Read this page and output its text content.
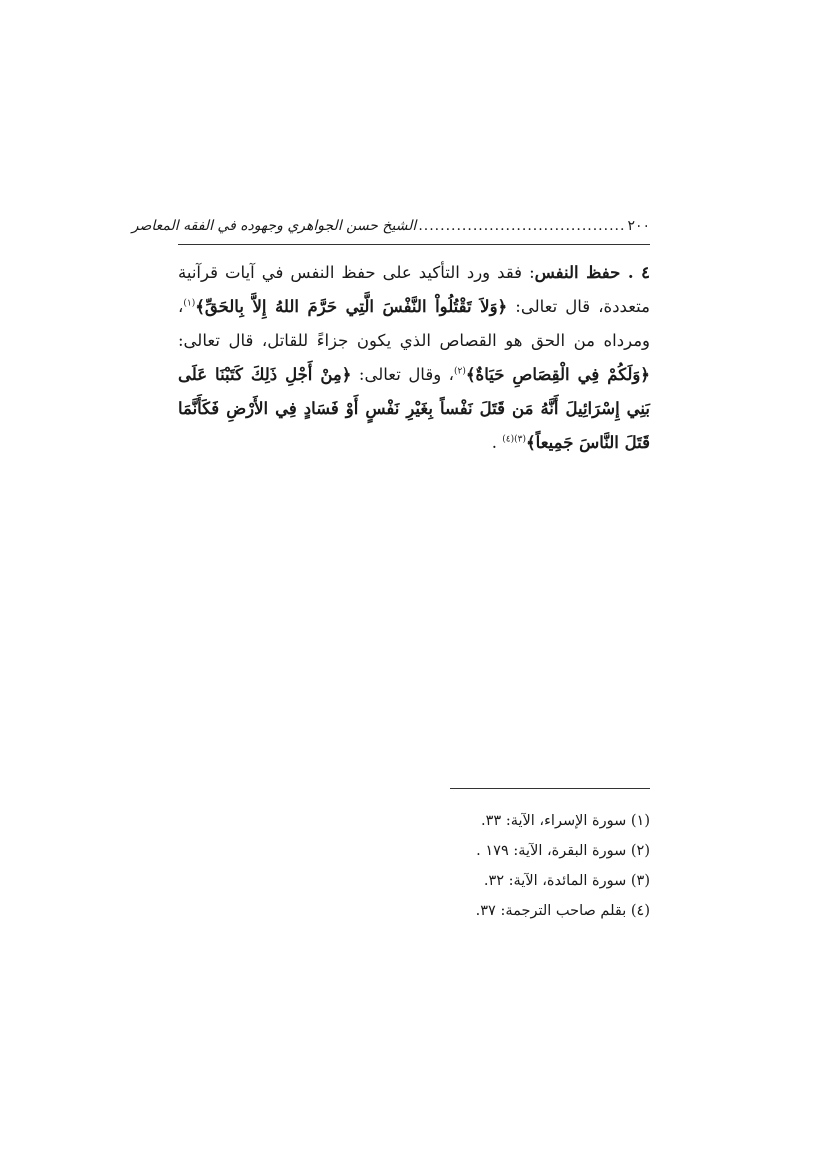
٢٠٠
......................................
الشيخ حسن الجواهري وجهوده في الفقه المعاصر
٤ . حفظ النفس: فقد ورد التأكيد على حفظ النفس في آيات قرآنية متعددة، قال تعالى: ﴿وَلاَ تَقْتُلُواْ النَّفْسَ الَّتِي حَرَّمَ اللهُ إِلاَّ بِالحَقِّ﴾$^{(١)}$، ومرداه من الحق هو القصاص الذي يكون جزاءً للقاتل، قال تعالى: ﴿وَلَكُمْ فِي الْقِصَاصِ حَيَاةٌ﴾$^{(٢)}$، وقال تعالى: ﴿مِنْ أَجْلِ ذَلِكَ كَتَبْنَا عَلَى بَنِي إِسْرَائِيلَ أَنَّهُ مَن قَتَلَ نَفْساً بِغَيْرِ نَفْسٍ أَوْ فَسَادٍ فِي الأَرْضِ فَكَأَنَّمَا قَتَلَ النَّاسَ جَمِيعاً﴾$^{(٣)(٤)}$ .
(١) سورة الإسراء، الآية: ٣٣.
(٢) سورة البقرة، الآية: ١٧٩ .
(٣) سورة المائدة، الآية: ٣٢.
(٤) بقلم صاحب الترجمة: ٣٧.
